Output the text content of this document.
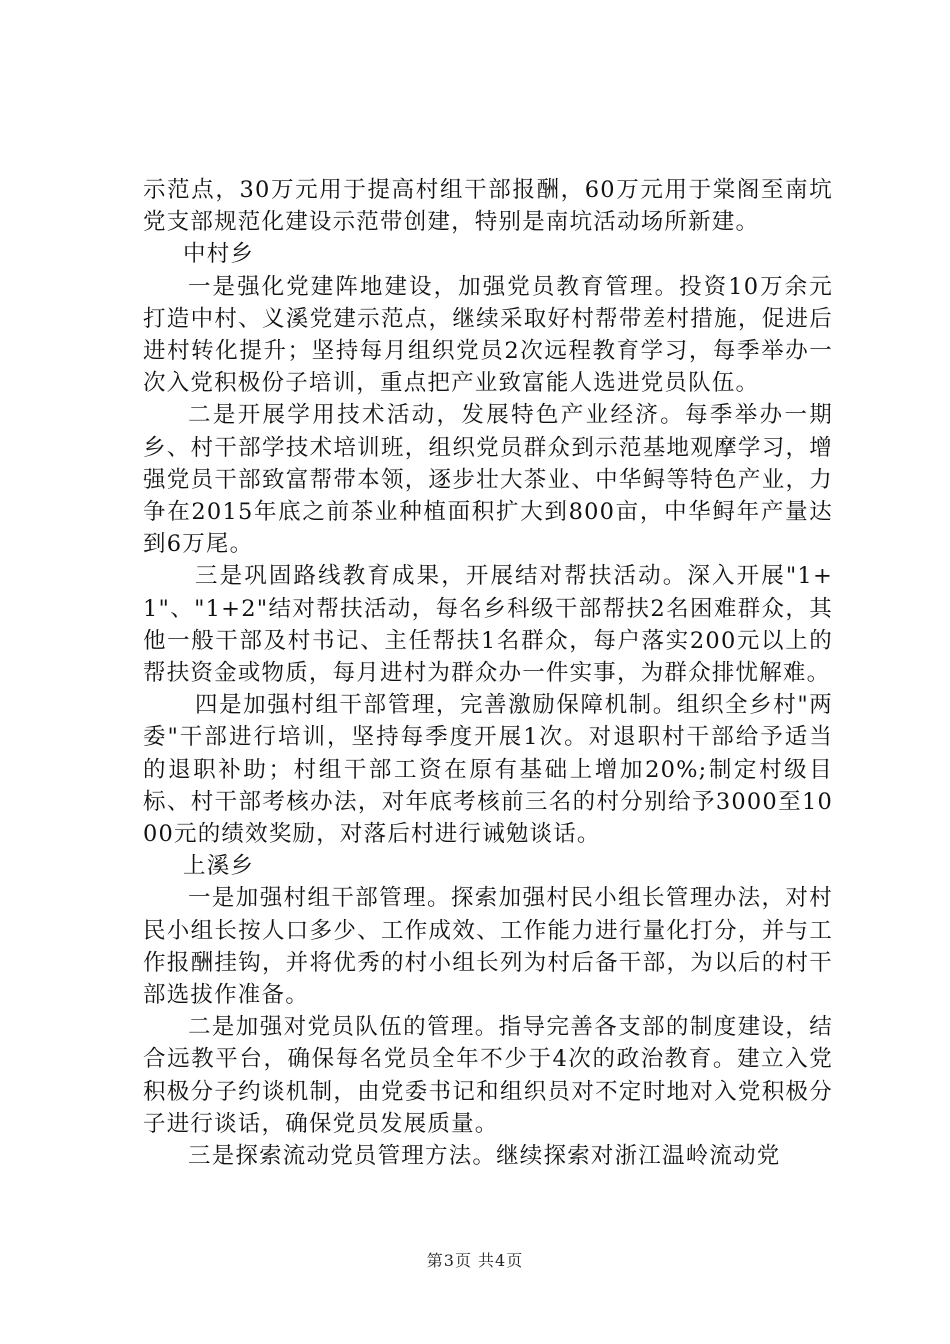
示范点，30万元用于提高村组干部报酬，60万元用于棠阁至南坑党支部规范化建设示范带创建，特别是南坑活动场所新建。

中村乡

一是强化党建阵地建设，加强党员教育管理。投资10万余元打造中村、义溪党建示范点，继续采取好村帮带差村措施，促进后进村转化提升；坚持每月组织党员2次远程教育学习，每季举办一次入党积极份子培训，重点把产业致富能人选进党员队伍。

二是开展学用技术活动，发展特色产业经济。每季举办一期乡、村干部学技术培训班，组织党员群众到示范基地观摩学习，增强党员干部致富帮带本领，逐步壮大茶业、中华鲟等特色产业，力争在2015年底之前茶业种植面积扩大到800亩，中华鲟年产量达到6万尾。

三是巩固路线教育成果，开展结对帮扶活动。深入开展"1+1"、"1+2"结对帮扶活动，每名乡科级干部帮扶2名困难群众，其他一般干部及村书记、主任帮扶1名群众，每户落实200元以上的帮扶资金或物质，每月进村为群众办一件实事，为群众排忧解难。

四是加强村组干部管理，完善激励保障机制。组织全乡村"两委"干部进行培训，坚持每季度开展1次。对退职村干部给予适当的退职补助；村组干部工资在原有基础上增加20%;制定村级目标、村干部考核办法，对年底考核前三名的村分别给予3000至1000元的绩效奖励，对落后村进行诫勉谈话。

上溪乡

一是加强村组干部管理。探索加强村民小组长管理办法，对村民小组长按人口多少、工作成效、工作能力进行量化打分，并与工作报酬挂钩，并将优秀的村小组长列为村后备干部，为以后的村干部选拔作准备。

二是加强对党员队伍的管理。指导完善各支部的制度建设，结合远教平台，确保每名党员全年不少于4次的政治教育。建立入党积极分子约谈机制，由党委书记和组织员对不定时地对入党积极分子进行谈话，确保党员发展质量。

三是探索流动党员管理方法。继续探索对浙江温岭流动党

第3页 共4页
